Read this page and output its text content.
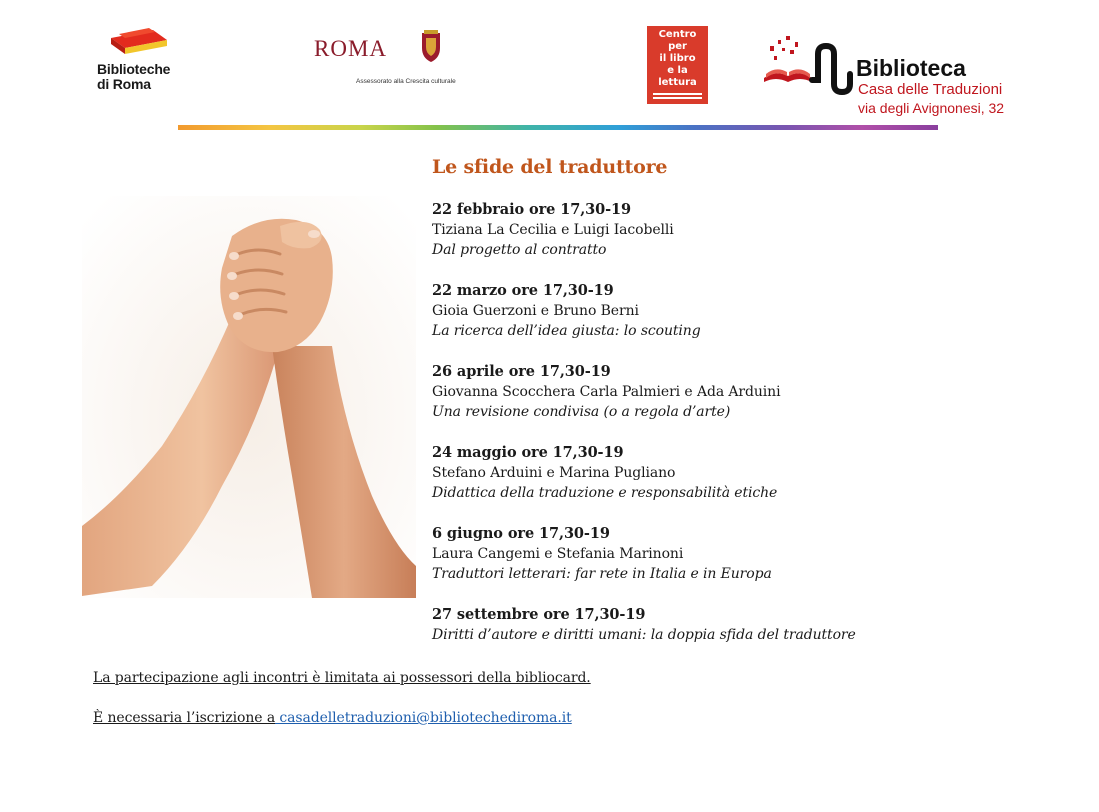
Biblioteche
di Roma
ROMA
Assessorato alla Crescita culturale
Centro
per
il libro
e la
lettura
Biblioteca
Casa delle Traduzioni
via degli Avignonesi, 32
Le sfide del traduttore
22 febbraio ore 17,30-19
Tiziana La Cecilia e Luigi Iacobelli
Dal progetto al contratto
22 marzo ore 17,30-19
Gioia Guerzoni e Bruno Berni
La ricerca dell’idea giusta: lo scouting
26 aprile ore 17,30-19
Giovanna Scocchera Carla Palmieri e Ada Arduini
Una revisione condivisa (o a regola d’arte)
24 maggio ore 17,30-19
Stefano Arduini e Marina Pugliano
Didattica della traduzione e responsabilità etiche
6 giugno ore 17,30-19
Laura Cangemi e Stefania Marinoni
Traduttori letterari: far rete in Italia e in Europa
27 settembre ore 17,30-19
Diritti d’autore e diritti umani: la doppia sfida del traduttore
La partecipazione agli incontri è limitata ai possessori della bibliocard.
È necessaria l’iscrizione a casadelletraduzioni@bibliotechediroma.it
